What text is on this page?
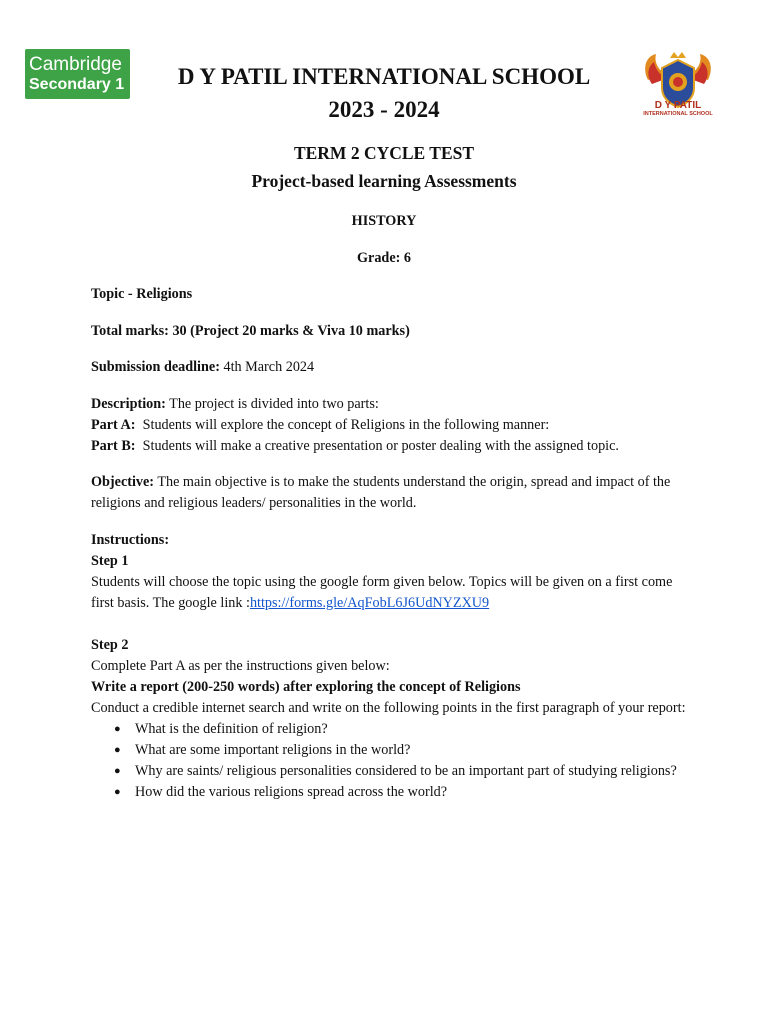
Cambridge
Secondary 1	D Y PATIL INTERNATIONAL SCHOOL
2023 - 2024	D Y PATIL
INTERNATIONAL SCHOOL
TERM 2 CYCLE TEST
Project-based learning Assessments
HISTORY
Grade: 6

Topic - Religions

Total marks: 30 (Project 20 marks & Viva 10 marks)

Submission deadline: 4th March 2024

Description: The project is divided into two parts:

Part A:  Students will explore the concept of Religions in the following manner:

Part B:  Students will make a creative presentation or poster dealing with the assigned topic.

Objective: The main objective is to make the students understand the origin, spread and impact of the religions and religious leaders/ personalities in the world.

Instructions:

Step 1

Students will choose the topic using the google form given below. Topics will be given on a first come first basis. The google link :https://forms.gle/AqFobL6J6UdNYZXU9

Step 2

Complete Part A as per the instructions given below:

Write a report (200-250 words) after exploring the concept of Religions

Conduct a credible internet search and write on the following points in the first paragraph of your report:

● What is the definition of religion?
● What are some important religions in the world?
● Why are saints/ religious personalities considered to be an important part of studying religions?
● How did the various religions spread across the world?
